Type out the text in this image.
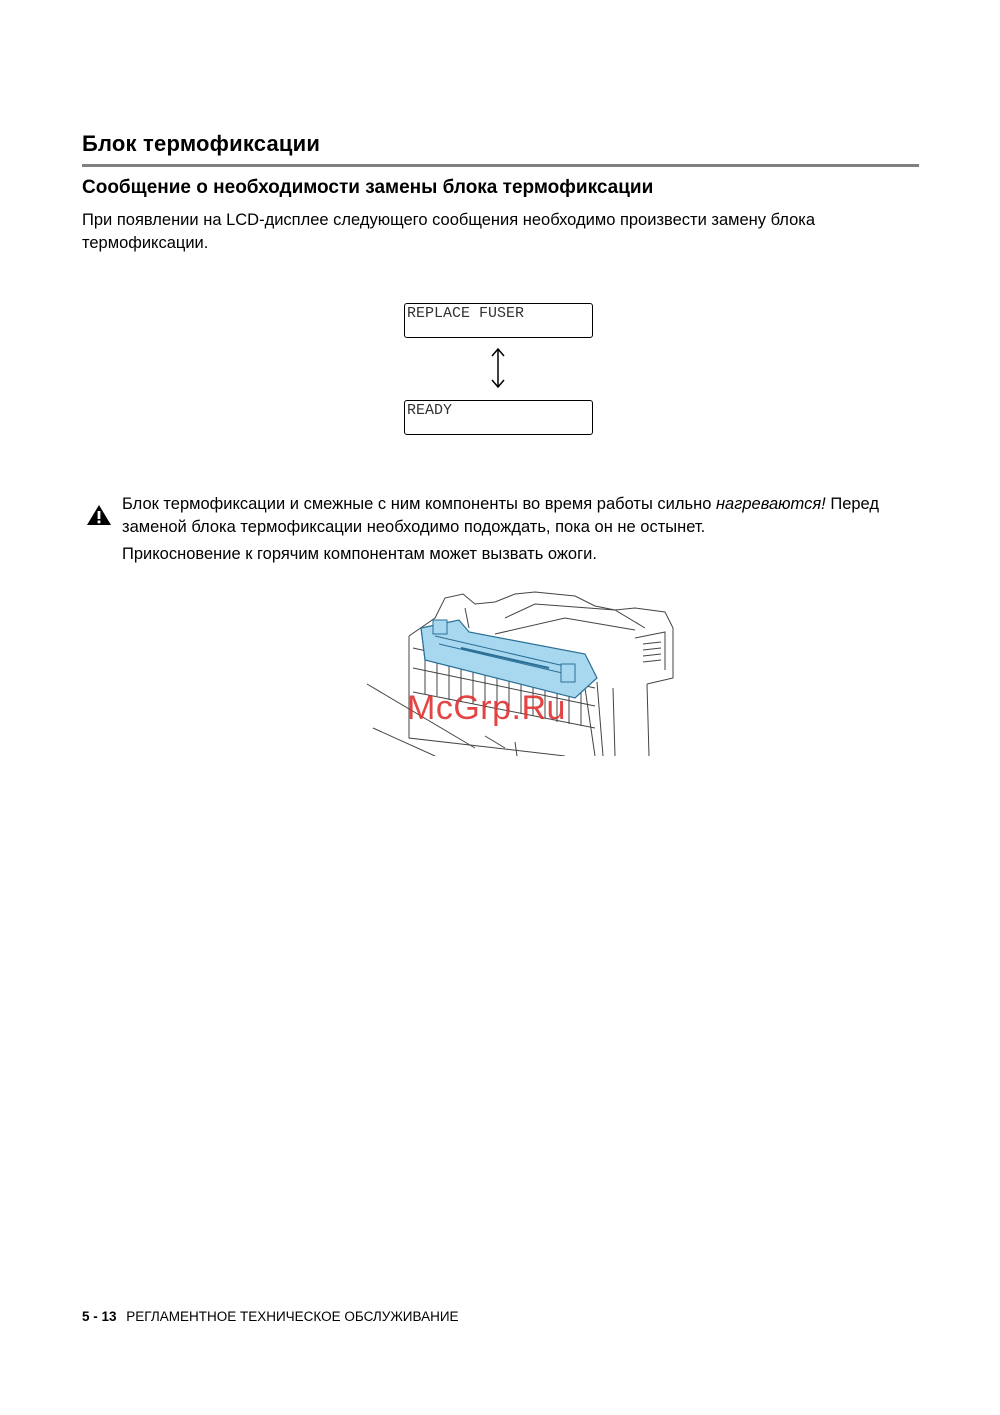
Блок термофиксации
Сообщение о необходимости замены блока термофиксации

При появлении на LCD-дисплее следующего сообщения необходимо произвести замену блока термофиксации.

REPLACE FUSER
READY

Блок термофиксации и смежные с ним компоненты во время работы сильно нагреваются! Перед заменой блока термофиксации необходимо подождать, пока он не остынет.

Прикосновение к горячим компонентам может вызвать ожоги.

McGrp.Ru
5 - 13 РЕГЛАМЕНТНОЕ ТЕХНИЧЕСКОЕ ОБСЛУЖИВАНИЕ
